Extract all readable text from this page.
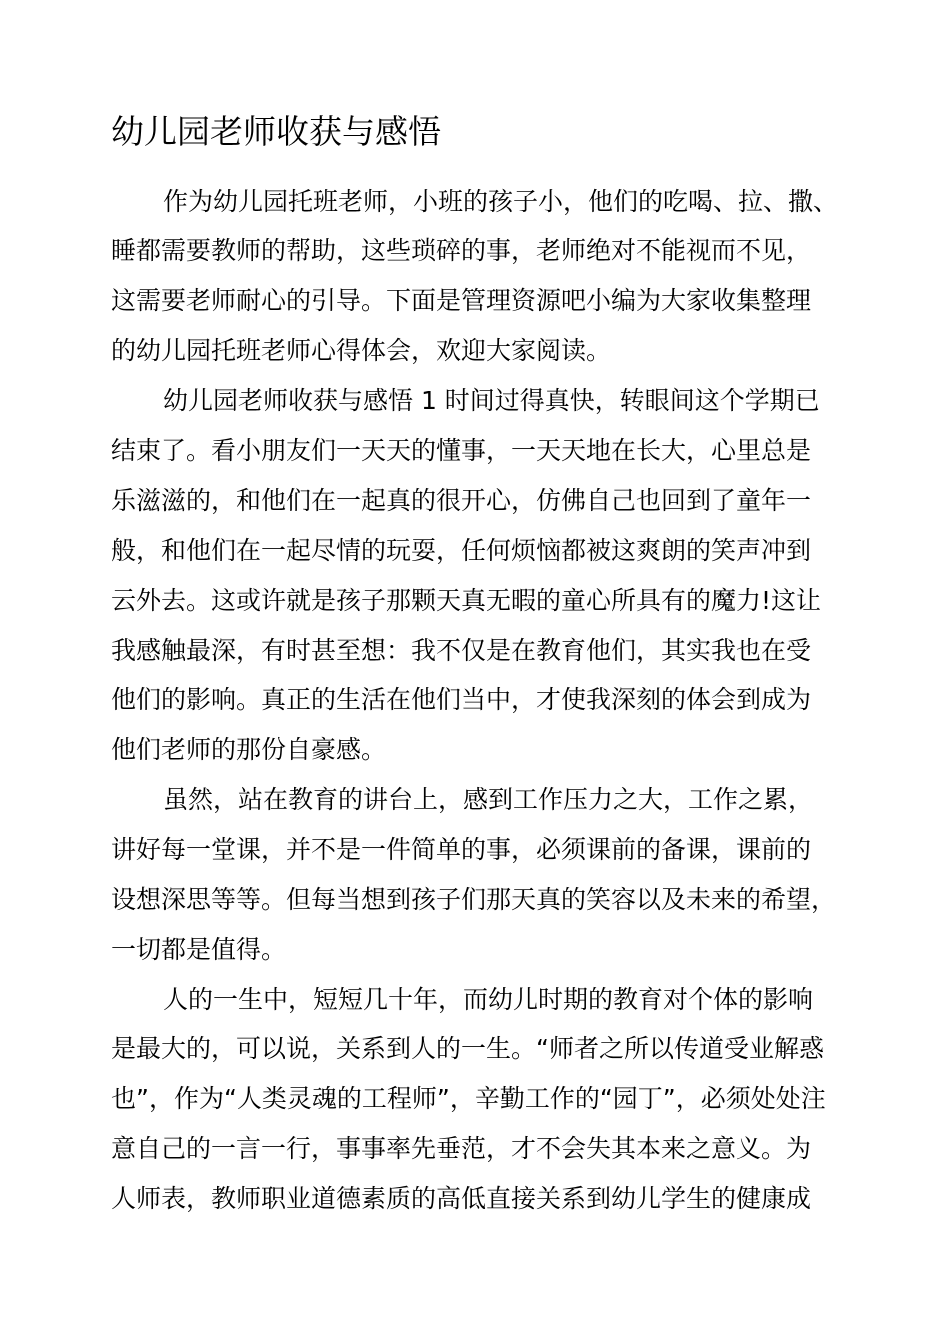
幼儿园老师收获与感悟

作为幼儿园托班老师，小班的孩子小，他们的吃喝、拉、撒、

睡都需要教师的帮助，这些琐碎的事，老师绝对不能视而不见，

这需要老师耐心的引导。下面是管理资源吧小编为大家收集整理

的幼儿园托班老师心得体会，欢迎大家阅读。

幼儿园老师收获与感悟 1 时间过得真快，转眼间这个学期已

结束了。看小朋友们一天天的懂事，一天天地在长大，心里总是

乐滋滋的，和他们在一起真的很开心，仿佛自己也回到了童年一

般，和他们在一起尽情的玩耍，任何烦恼都被这爽朗的笑声冲到

云外去。这或许就是孩子那颗天真无暇的童心所具有的魔力!这让

我感触最深，有时甚至想：我不仅是在教育他们，其实我也在受

他们的影响。真正的生活在他们当中，才使我深刻的体会到成为

他们老师的那份自豪感。

虽然，站在教育的讲台上，感到工作压力之大，工作之累，

讲好每一堂课，并不是一件简单的事，必须课前的备课，课前的

设想深思等等。但每当想到孩子们那天真的笑容以及未来的希望，

一切都是值得。

人的一生中，短短几十年，而幼儿时期的教育对个体的影响

是最大的，可以说，关系到人的一生。“师者之所以传道受业解惑

也”，作为“人类灵魂的工程师”，辛勤工作的“园丁”，必须处处注

意自己的一言一行，事事率先垂范，才不会失其本来之意义。为

人师表，教师职业道德素质的高低直接关系到幼儿学生的健康成
